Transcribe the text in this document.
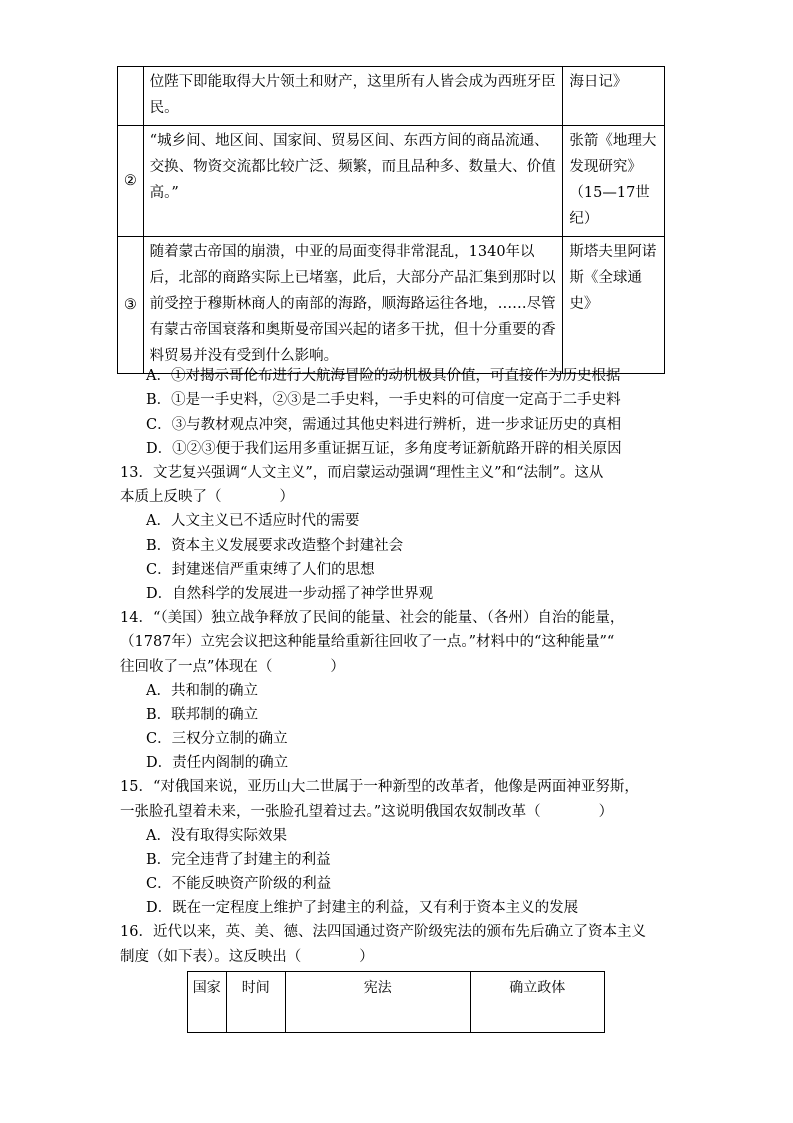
	位陛下即能取得大片领土和财产，这里所有人皆会成为西班牙臣民。	海日记》
②	“城乡间、地区间、国家间、贸易区间、东西方间的商品流通、交换、物资交流都比较广泛、频繁，而且品种多、数量大、价值高。”	张箭《地理大发现研究》（15—17世纪）
③	随着蒙古帝国的崩溃，中亚的局面变得非常混乱，1340年以后，北部的商路实际上已堵塞，此后，大部分产品汇集到那时以前受控于穆斯林商人的南部的海路，顺海路运往各地，……尽管有蒙古帝国衰落和奥斯曼帝国兴起的诸多干扰，但十分重要的香料贸易并没有受到什么影响。	斯塔夫里阿诺斯《全球通史》
A．①对揭示哥伦布进行大航海冒险的动机极具价值，可直接作为历史根据
B．①是一手史料，②③是二手史料，一手史料的可信度一定高于二手史料
C．③与教材观点冲突，需通过其他史料进行辨析，进一步求证历史的真相
D．①②③便于我们运用多重证据互证，多角度考证新航路开辟的相关原因
13．文艺复兴强调“人文主义”，而启蒙运动强调“理性主义”和“法制”。这从
本质上反映了（　　　　）
A．人文主义已不适应时代的需要
B．资本主义发展要求改造整个封建社会
C．封建迷信严重束缚了人们的思想
D．自然科学的发展进一步动摇了神学世界观
14．“（美国）独立战争释放了民间的能量、社会的能量、（各州）自治的能量，
（1787年）立宪会议把这种能量给重新往回收了一点。”材料中的“这种能量”“
往回收了一点”体现在（　　　　）
A．共和制的确立
B．联邦制的确立
C．三权分立制的确立
D．责任内阁制的确立
15．“对俄国来说，亚历山大二世属于一种新型的改革者，他像是两面神亚努斯，
一张脸孔望着未来，一张脸孔望着过去。”这说明俄国农奴制改革（　　　　）
A．没有取得实际效果
B．完全违背了封建主的利益
C．不能反映资产阶级的利益
D．既在一定程度上维护了封建主的利益，又有利于资本主义的发展
16．近代以来，英、美、德、法四国通过资产阶级宪法的颁布先后确立了资本主义
制度（如下表）。这反映出（　　　　）
国家	时间	宪法	确立政体
